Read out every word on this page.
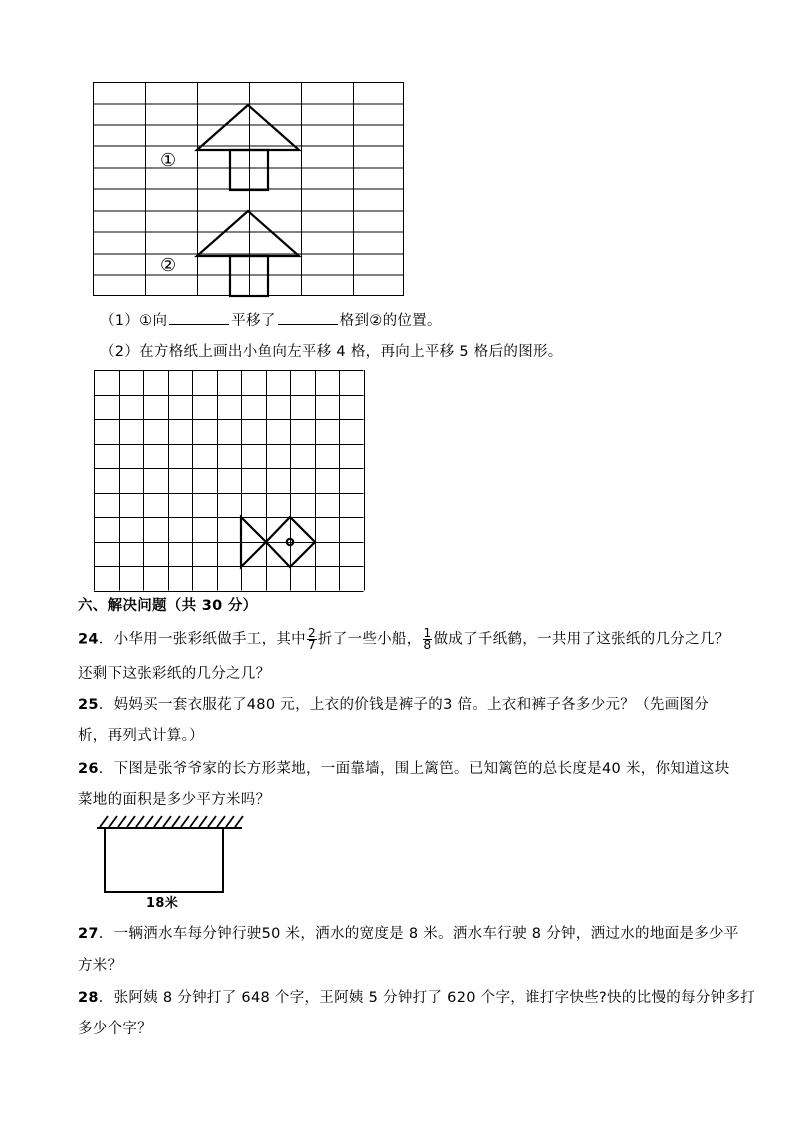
①
②
（1）①向	平移了	格到②的位置。
（2）在方格纸上画出小鱼向左平移 4 格，再向上平移 5 格后的图形。
六、解决问题（共 30 分）
24．小华用一张彩纸做手工，其中 $\frac{2}{7}$ 折了一些小船， $\frac{1}{8}$ 做成了千纸鹤，一共用了这张纸的几分之几？
还剩下这张彩纸的几分之几？
25．妈妈买一套衣服花了480 元，上衣的价钱是裤子的3 倍。上衣和裤子各多少元？（先画图分
析，再列式计算。）
26．下图是张爷爷家的长方形菜地，一面靠墙，围上篱笆。已知篱笆的总长度是40 米，你知道这块
菜地的面积是多少平方米吗？
18米
27．一辆洒水车每分钟行驶50 米，洒水的宽度是 8 米。洒水车行驶 8 分钟，洒过水的地面是多少平
方米？
28．张阿姨 8 分钟打了 648 个字，王阿姨 5 分钟打了 620 个字，谁打字快些?快的比慢的每分钟多打
多少个字？
